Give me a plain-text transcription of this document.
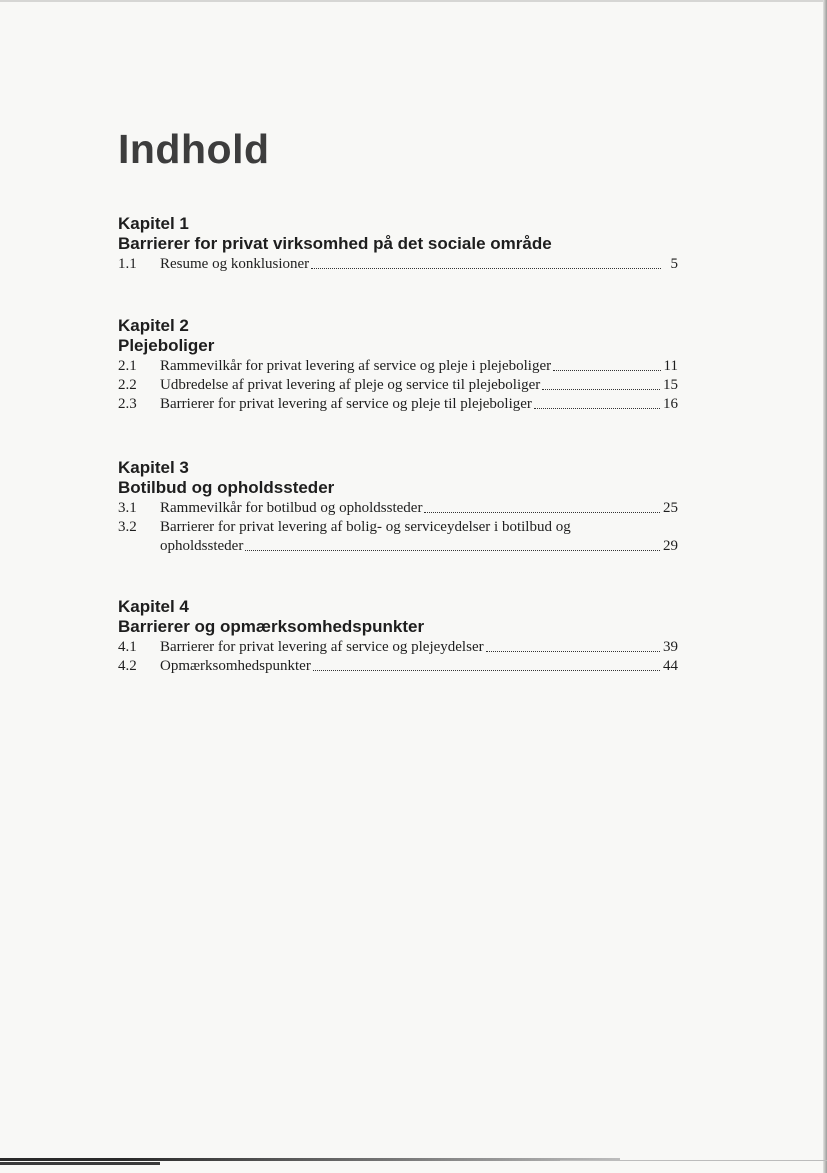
Indhold
Kapitel 1
Barrierer for privat virksomhed på det sociale område
1.1	Resume og konklusioner	5
Kapitel 2
Plejeboliger
2.1	Rammevilkår for privat levering af service og pleje i plejeboliger	11
2.2	Udbredelse af privat levering af pleje og service til plejeboliger	15
2.3	Barrierer for privat levering af service og pleje til plejeboliger	16
Kapitel 3
Botilbud og opholdssteder
3.1	Rammevilkår for botilbud og opholdssteder	25
3.2	Barrierer for privat levering af bolig- og serviceydelser i botilbud og
opholdssteder	29
Kapitel 4
Barrierer og opmærksomhedspunkter
4.1	Barrierer for privat levering af service og plejeydelser	39
4.2	Opmærksomhedspunkter	44
